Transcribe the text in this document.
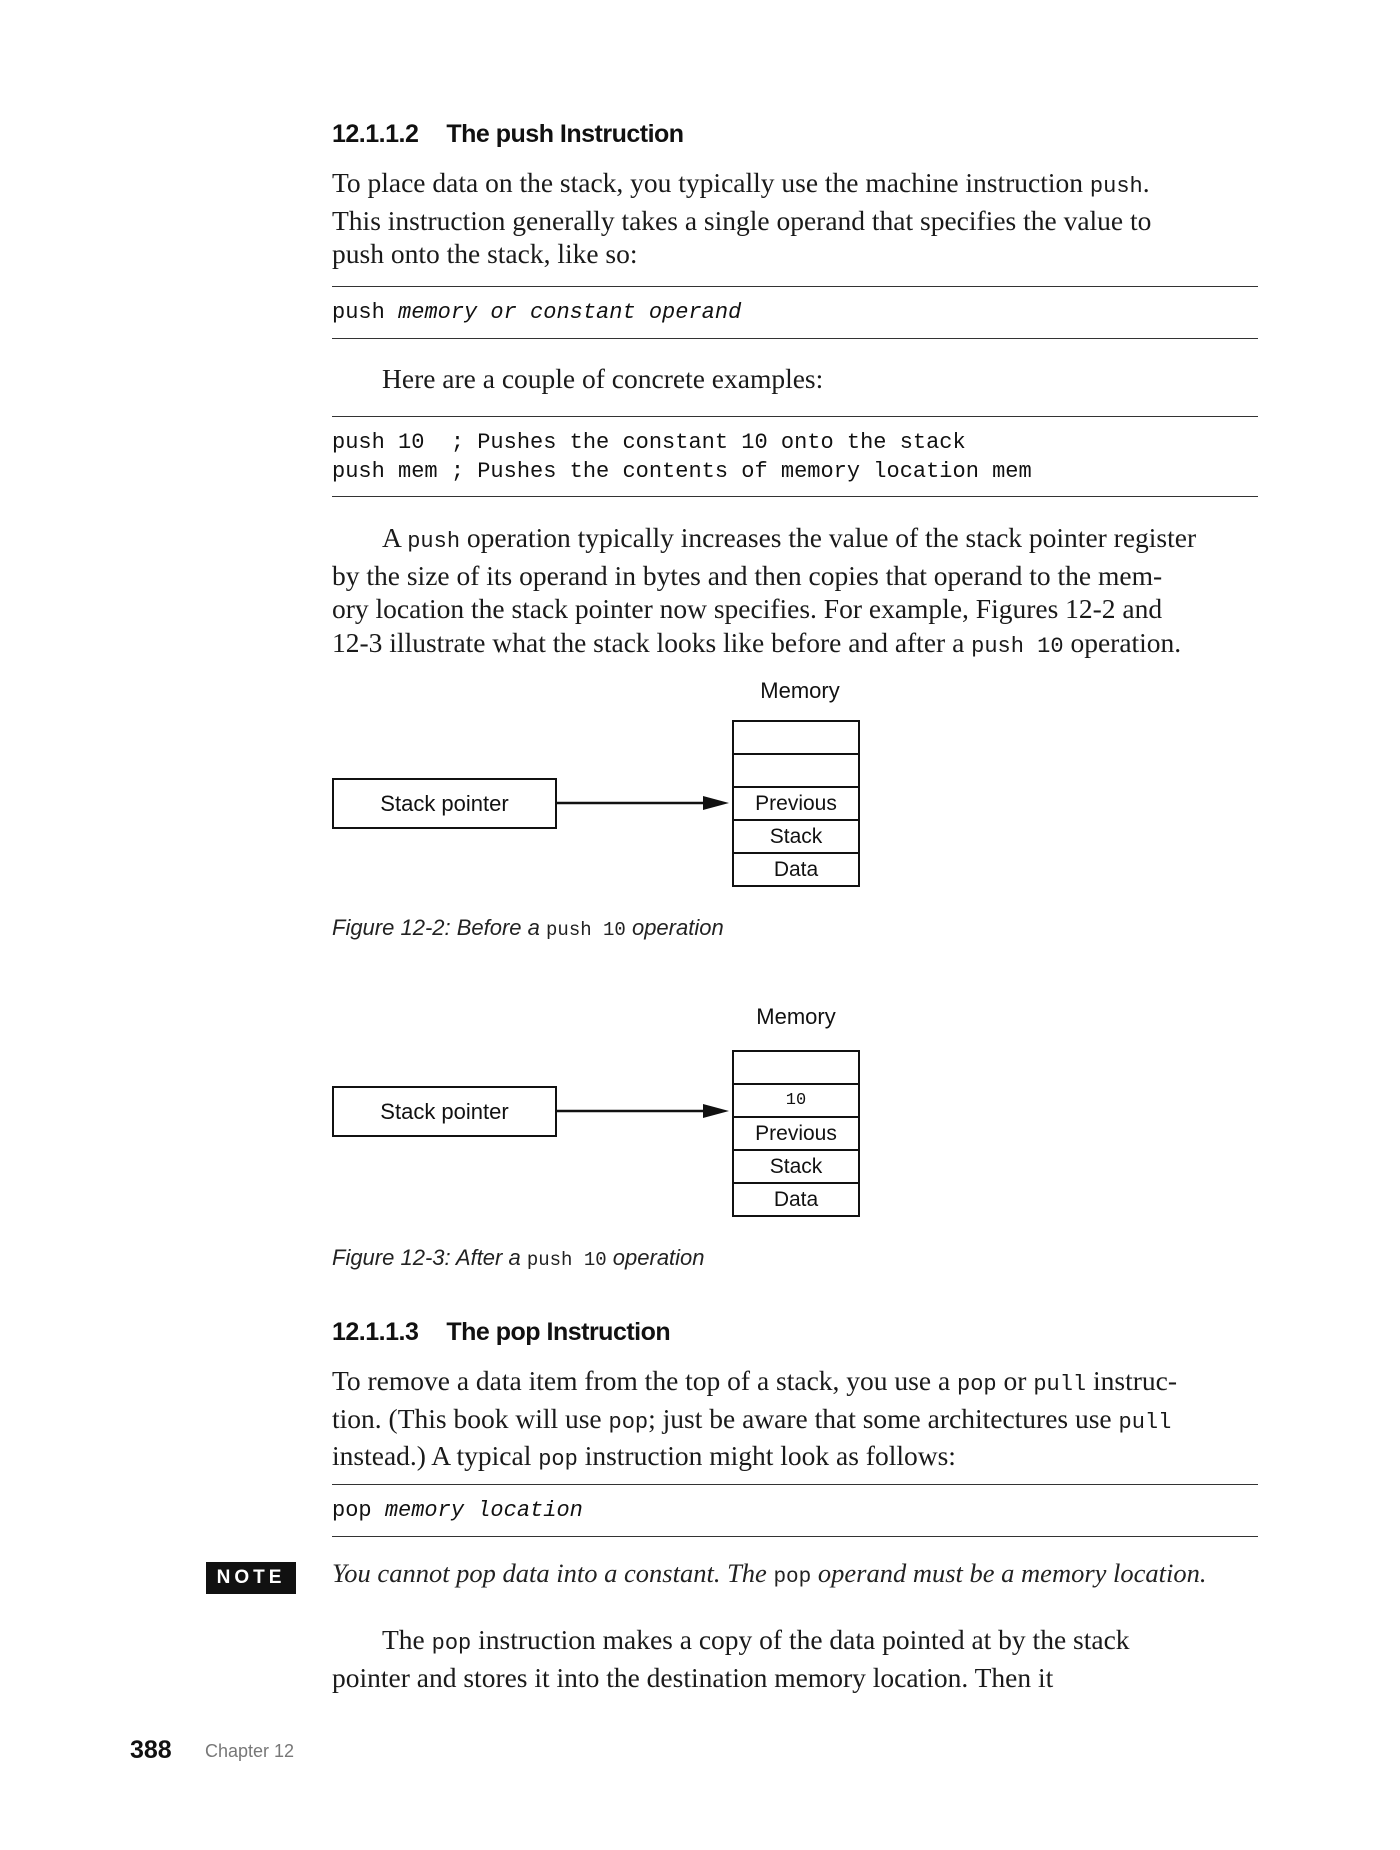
12.1.1.2 The push Instruction
To place data on the stack, you typically use the machine instruction push.
This instruction generally takes a single operand that specifies the value to
push onto the stack, like so:
push memory or constant operand
Here are a couple of concrete examples:
push 10  ; Pushes the constant 10 onto the stack
push mem ; Pushes the contents of memory location mem
A push operation typically increases the value of the stack pointer register
by the size of its operand in bytes and then copies that operand to the mem-
ory location the stack pointer now specifies. For example, Figures 12-2 and
12-3 illustrate what the stack looks like before and after a push 10 operation.
Memory
Stack pointer	Previous
Stack
Data
Figure 12-2: Before a push 10 operation
Memory
Stack pointer	10
Previous
Stack
Data
Figure 12-3: After a push 10 operation
12.1.1.3 The pop Instruction
To remove a data item from the top of a stack, you use a pop or pull instruc-
tion. (This book will use pop; just be aware that some architectures use pull
instead.) A typical pop instruction might look as follows:
pop memory location
NOTE	You cannot pop data into a constant. The pop operand must be a memory location.
The pop instruction makes a copy of the data pointed at by the stack
pointer and stores it into the destination memory location. Then it
388 Chapter 12
